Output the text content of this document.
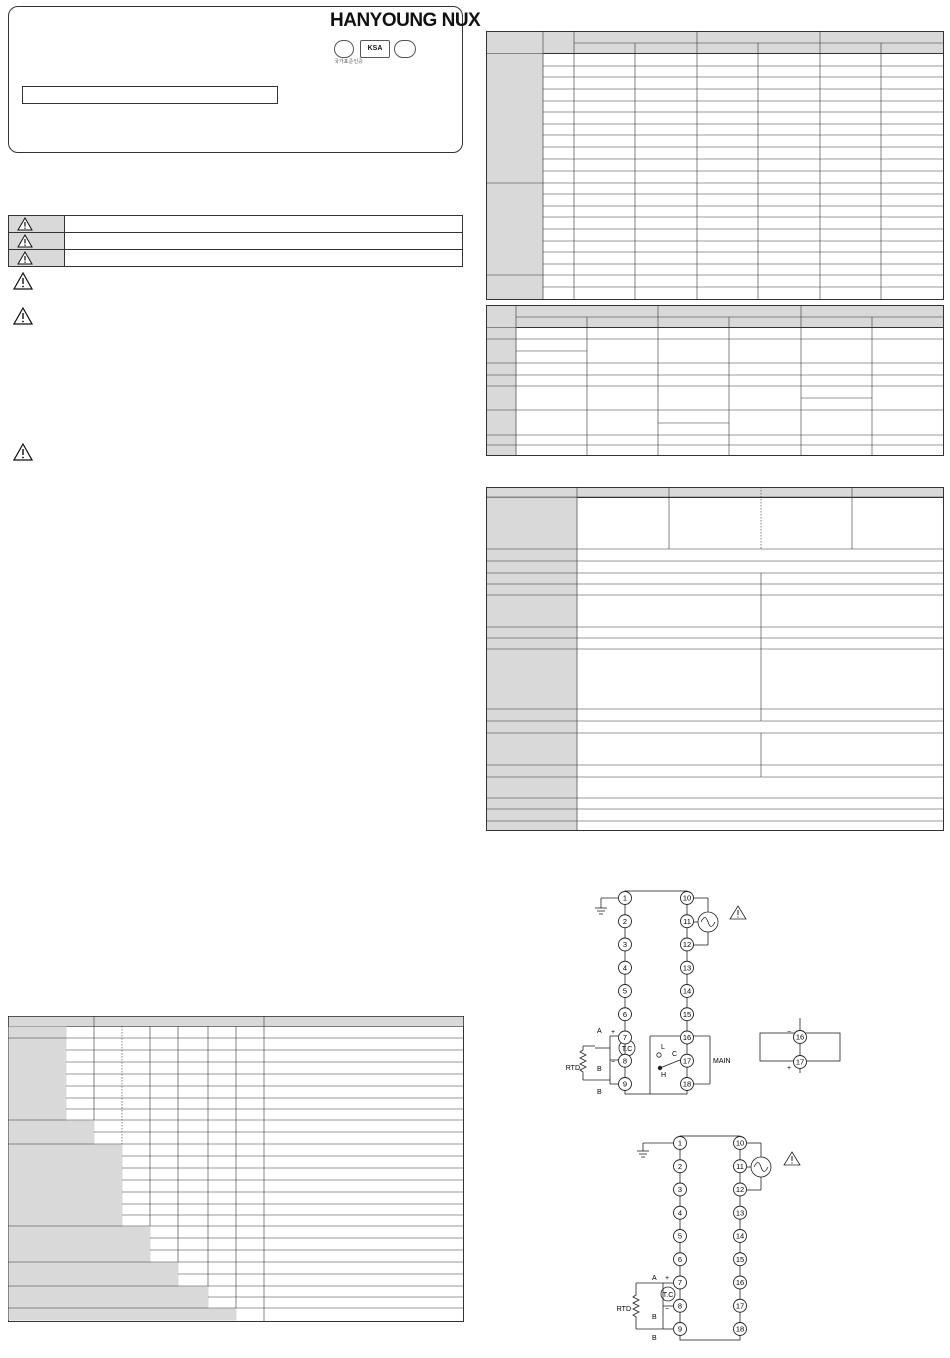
HANYOUNG NUX
KSA
국가표준인증
1
2
3
4
5
6
7
8
9
10
11
12
13
14
15
16
17
18
16
17
RTD
A
B
B
+
−
T.C	L
C
H
MAIN
−
+
1
2
3
4
5
6
7
8
9
10
11
12
13
14
15
16
17
18
RTD
A
B
B
+
−
T.C
